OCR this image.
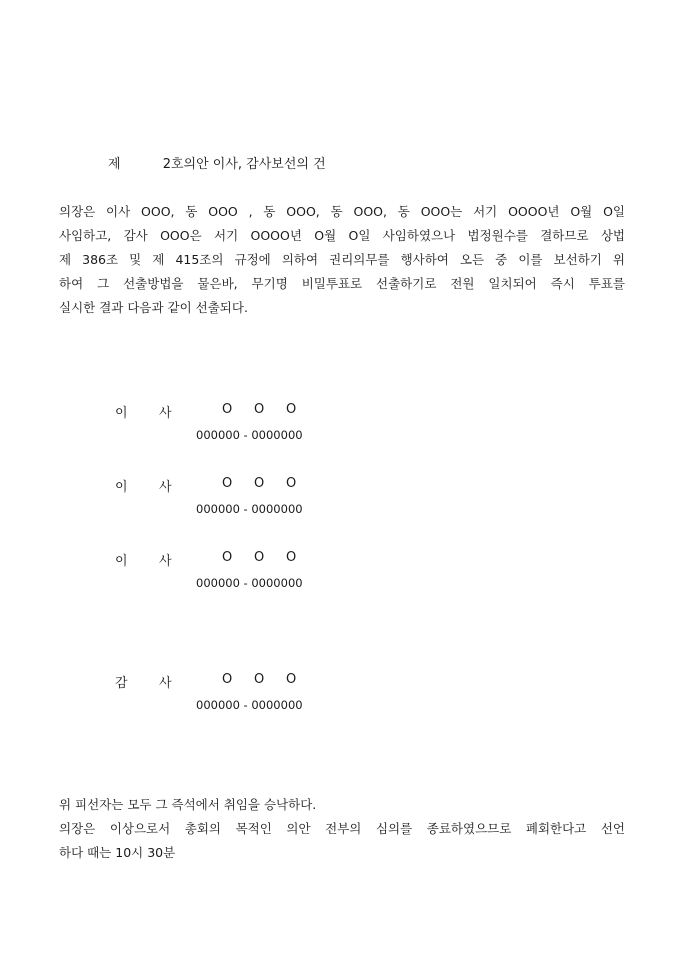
제	2호의안 이사, 감사보선의 건
의장은 이사 OOO, 동 OOO , 동 OOO, 동 OOO, 동 OOO는 서기 OOOO년 O월 O일
사임하고, 감사 OOO은 서기 OOOO년 O월 O일 사임하였으나 법정원수를 결하므로 상법
제 386조 및 제 415조의 규정에 의하여 권리의무를 행사하여 오든 중 이를 보선하기 위
하여 그 선출방법을 물은바, 무기명 비밀투표로 선출하기로 전원 일치되어 즉시 투표를
실시한 결과 다음과 같이 선출되다.
이 사	O O O
000000 - 0000000
이 사	O O O
000000 - 0000000
이 사	O O O
000000 - 0000000
감 사	O O O
000000 - 0000000
위 피선자는 모두 그 즉석에서 취임을 승낙하다.
의장은 이상으로서 총회의 목적인 의안 전부의 심의를 종료하였으므로 폐회한다고 선언
하다 때는 10시 30분
